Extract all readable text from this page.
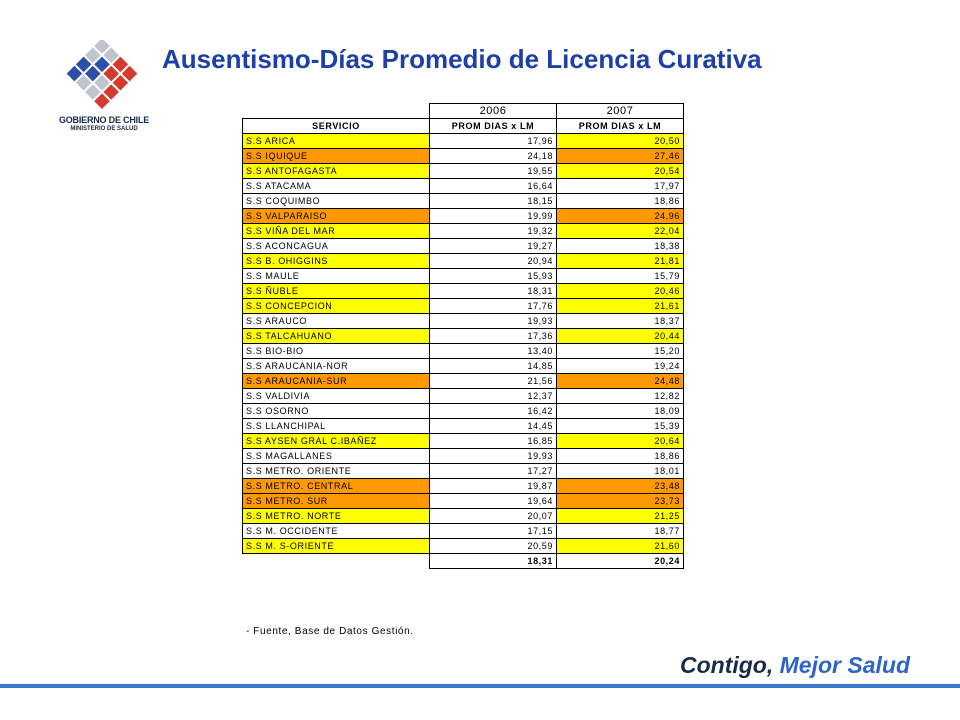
GOBIERNO DE CHILE
MINISTERIO DE SALUD
Ausentismo-Días Promedio de Licencia Curativa
	2006	2007
SERVICIO	PROM DIAS x LM	PROM DIAS x LM
S.S ARICA	17,96	20,50
S.S IQUIQUE	24,18	27,46
S.S ANTOFAGASTA	19,55	20,54
S.S ATACAMA	16,64	17,97
S.S COQUIMBO	18,15	18,86
S.S VALPARAISO	19,99	24,96
S.S VIÑA DEL MAR	19,32	22,04
S.S ACONCAGUA	19,27	18,38
S.S B. OHIGGINS	20,94	21,81
S.S MAULE	15,93	15,79
S.S ÑUBLE	18,31	20,46
S.S CONCEPCION	17,76	21,61
S.S ARAUCO	19,93	18,37
S.S TALCAHUANO	17,36	20,44
S.S BIO-BIO	13,40	15,20
S.S ARAUCANIA-NOR	14,85	19,24
S.S ARAUCANIA-SUR	21,56	24,48
S.S VALDIVIA	12,37	12,82
S.S OSORNO	16,42	18,09
S.S LLANCHIPAL	14,45	15,39
S.S AYSEN GRAL C.IBAÑEZ	16,85	20,64
S.S MAGALLANES	19,93	18,86
S.S METRO. ORIENTE	17,27	18,01
S.S METRO. CENTRAL	19,87	23,48
S.S METRO. SUR	19,64	23,73
S.S METRO. NORTE	20,07	21,25
S.S M. OCCIDENTE	17,15	18,77
S.S M. S-ORIENTE	20,59	21,60
	18,31	20,24
- Fuente, Base de Datos Gestión.
Contigo, Mejor Salud
